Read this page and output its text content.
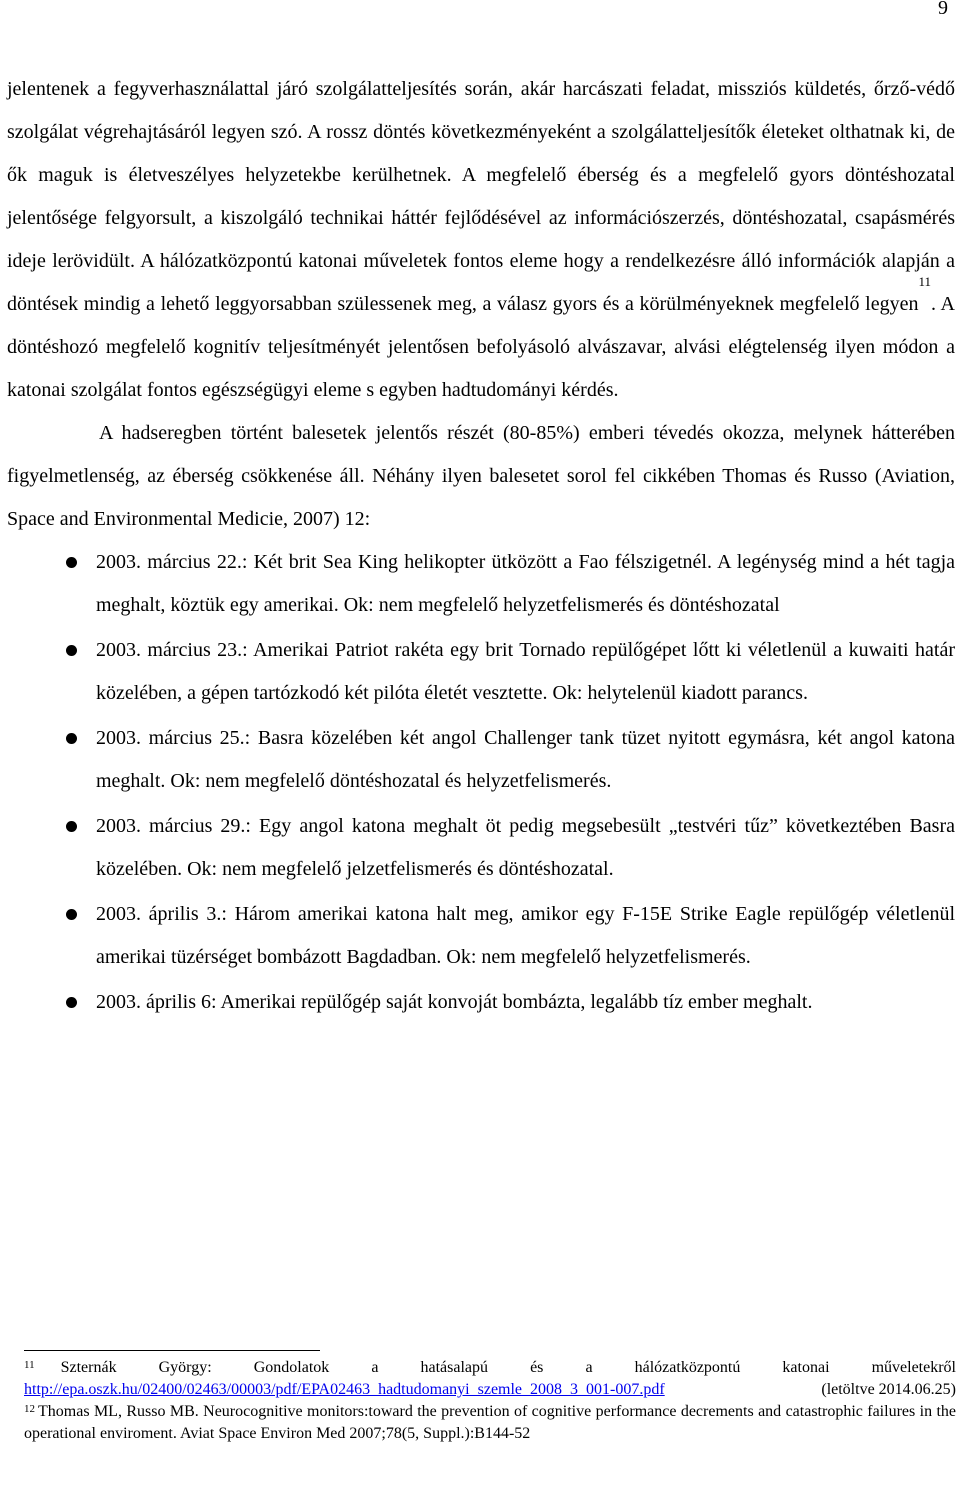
9

jelentenek a fegyverhasználattal járó szolgálatteljesítés során, akár harcászati feladat, missziós küldetés, őrző-védő szolgálat végrehajtásáról legyen szó. A rossz döntés következményeként a szolgálatteljesítők életeket olthatnak ki, de ők maguk is életveszélyes helyzetekbe kerülhetnek. A megfelelő éberség és a megfelelő gyors döntéshozatal jelentősége felgyorsult, a kiszolgáló technikai háttér fejlődésével az információszerzés, döntéshozatal, csapásmérés ideje lerövidült. A hálózatközpontú katonai műveletek fontos eleme hogy a rendelkezésre álló információk alapján a döntések mindig a lehető leggyorsabban szülessenek meg, a válasz gyors és a körülményeknek megfelelő legyen$^{11}$. A döntéshozó megfelelő kognitív teljesítményét jelentősen befolyásoló alvászavar, alvási elégtelenség ilyen módon a katonai szolgálat fontos egészségügyi eleme s egyben hadtudományi kérdés.

A hadseregben történt balesetek jelentős részét (80-85%) emberi tévedés okozza, melynek hátterében figyelmetlenség, az éberség csökkenése áll. Néhány ilyen balesetet sorol fel cikkében Thomas és Russo (Aviation, Space and Environmental Medicie, 2007) 12:

2003. március 22.: Két brit Sea King helikopter ütközött a Fao félszigetnél. A legénység mind a hét tagja meghalt, köztük egy amerikai. Ok: nem megfelelő helyzetfelismerés és döntéshozatal
2003. március 23.: Amerikai Patriot rakéta egy brit Tornado repülőgépet lőtt ki véletlenül a kuwaiti határ közelében, a gépen tartózkodó két pilóta életét vesztette. Ok: helytelenül kiadott parancs.
2003. március 25.: Basra közelében két angol Challenger tank tüzet nyitott egymásra, két angol katona meghalt. Ok: nem megfelelő döntéshozatal és helyzetfelismerés.
2003. március 29.: Egy angol katona meghalt öt pedig megsebesült „testvéri tűz” következtében Basra közelében. Ok: nem megfelelő jelzetfelismerés és döntéshozatal.
2003. április 3.: Három amerikai katona halt meg, amikor egy F-15E Strike Eagle repülőgép véletlenül amerikai tüzérséget bombázott Bagdadban. Ok: nem megfelelő helyzetfelismerés.
2003. április 6: Amerikai repülőgép saját konvoját bombázta, legalább tíz ember meghalt.
$^{11}$ Szternák György: Gondolatok a hatásalapú és a hálózatközpontú katonai műveletekről
http://epa.oszk.hu/02400/02463/00003/pdf/EPA02463_hadtudomanyi_szemle_2008_3_001-007.pdf	(letöltve 2014.06.25)
$^{12}$ Thomas ML, Russo MB. Neurocognitive monitors:toward the prevention of cognitive performance decrements and catastrophic failures in the operational enviroment. Aviat Space Environ Med 2007;78(5, Suppl.):B144-52
